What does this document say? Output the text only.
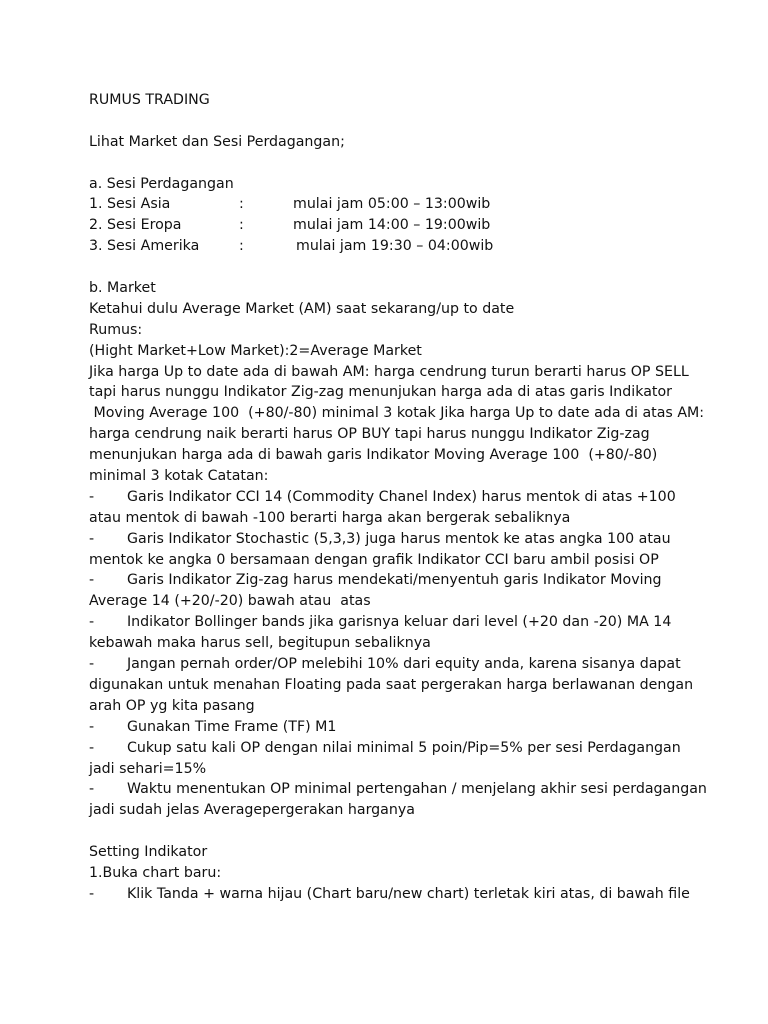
RUMUS TRADING
Lihat Market dan Sesi Perdagangan;
a. Sesi Perdagangan
1. Sesi Asia	:	mulai jam 05:00 – 13:00wib
2. Sesi Eropa	:	mulai jam 14:00 – 19:00wib
3. Sesi Amerika	:	mulai jam 19:30 – 04:00wib
b. Market
Ketahui dulu Average Market (AM) saat sekarang/up to date
Rumus:
(Hight Market+Low Market):2=Average Market
Jika harga Up to date ada di bawah AM: harga cendrung turun berarti harus OP SELL
tapi harus nunggu Indikator Zig-zag menunjukan harga ada di atas garis Indikator
Moving Average 100  (+80/-80) minimal 3 kotak Jika harga Up to date ada di atas AM:
harga cendrung naik berarti harus OP BUY tapi harus nunggu Indikator Zig-zag
menunjukan harga ada di bawah garis Indikator Moving Average 100  (+80/-80)
minimal 3 kotak Catatan:
-	Garis Indikator CCI 14 (Commodity Chanel Index) harus mentok di atas +100
atau mentok di bawah -100 berarti harga akan bergerak sebaliknya
-	Garis Indikator Stochastic (5,3,3) juga harus mentok ke atas angka 100 atau
mentok ke angka 0 bersamaan dengan grafik Indikator CCI baru ambil posisi OP
-	Garis Indikator Zig-zag harus mendekati/menyentuh garis Indikator Moving
Average 14 (+20/-20) bawah atau  atas
-	Indikator Bollinger bands jika garisnya keluar dari level (+20 dan -20) MA 14
kebawah maka harus sell, begitupun sebaliknya
-	Jangan pernah order/OP melebihi 10% dari equity anda, karena sisanya dapat
digunakan untuk menahan Floating pada saat pergerakan harga berlawanan dengan
arah OP yg kita pasang
-	Gunakan Time Frame (TF) M1
-	Cukup satu kali OP dengan nilai minimal 5 poin/Pip=5% per sesi Perdagangan
jadi sehari=15%
-	Waktu menentukan OP minimal pertengahan / menjelang akhir sesi perdagangan
jadi sudah jelas Averagepergerakan harganya
Setting Indikator
1.Buka chart baru:
-	Klik Tanda + warna hijau (Chart baru/new chart) terletak kiri atas, di bawah file
